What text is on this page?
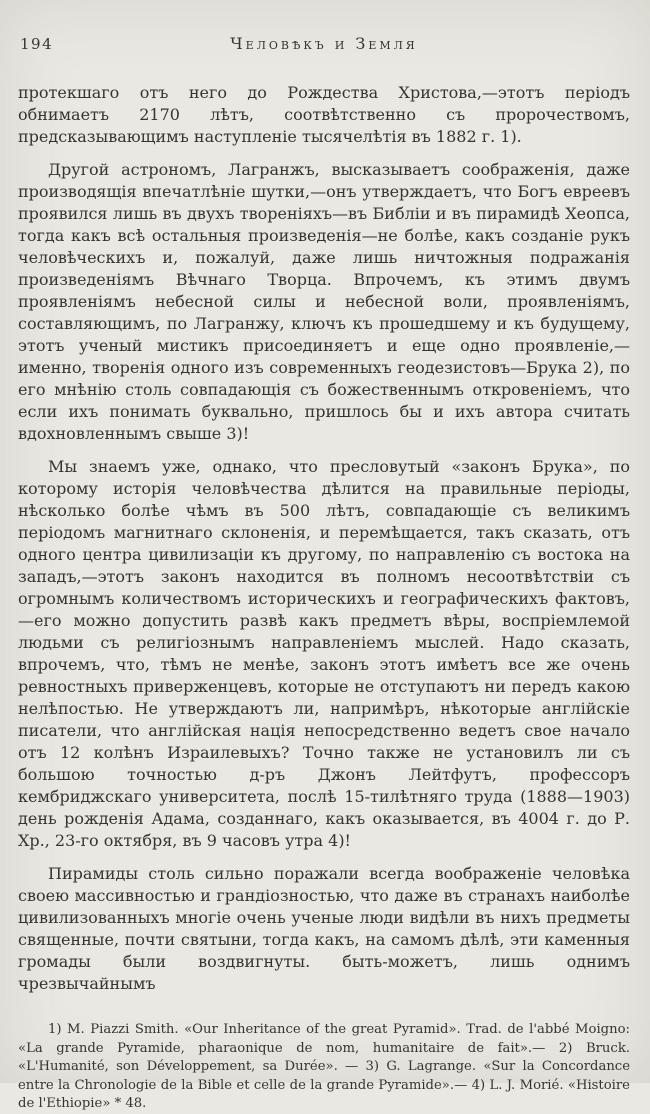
194	Человѣкъ и Земля

протекшаго отъ него до Рождества Христова,—этотъ періодъ обнимаетъ 2170 лѣтъ, соотвѣтственно съ пророчествомъ, предсказывающимъ наступленіе тысячелѣтія въ 1882 г. 1).

Другой астрономъ, Лагранжъ, высказываетъ соображенія, даже производящія впечатлѣніе шутки,—онъ утверждаетъ, что Богъ евреевъ проявился лишь въ двухъ твореніяхъ—въ Библіи и въ пирамидѣ Хеопса, тогда какъ всѣ остальныя произведенія—не болѣе, какъ созданіе рукъ человѣческихъ и, пожалуй, даже лишь ничтожныя подражанія произведеніямъ Вѣчнаго Творца. Впрочемъ, къ этимъ двумъ проявленіямъ небесной силы и небесной воли, проявленіямъ, составляющимъ, по Лагранжу, ключъ къ прошедшему и къ будущему, этотъ ученый мистикъ присоединяетъ и еще одно проявленіе,—именно, творенія одного изъ современныхъ геодезистовъ—Брука 2), по его мнѣнію столь совпадающія съ божественнымъ откровеніемъ, что если ихъ понимать буквально, пришлось бы и ихъ автора считать вдохновленнымъ свыше 3)!

Мы знаемъ уже, однако, что пресловутый «законъ Брука», по которому исторія человѣчества дѣлится на правильные періоды, нѣсколько болѣе чѣмъ въ 500 лѣтъ, совпадающіе съ великимъ періодомъ магнитнаго склоненія, и перемѣщается, такъ сказать, отъ одного центра цивилизаціи къ другому, по направленію съ востока на западъ,—этотъ законъ находится въ полномъ несоотвѣтствіи съ огромнымъ количествомъ историческихъ и географическихъ фактовъ,—его можно допустить развѣ какъ предметъ вѣры, воспріемлемой людьми съ религіознымъ направленіемъ мыслей. Надо сказать, впрочемъ, что, тѣмъ не менѣе, законъ этотъ имѣетъ все же очень ревностныхъ приверженцевъ, которые не отступаютъ ни передъ какою нелѣпостью. Не утверждаютъ ли, напримѣръ, нѣкоторые англійскіе писатели, что англійская нація непосредственно ведетъ свое начало отъ 12 колѣнъ Израилевыхъ? Точно также не установилъ ли съ большою точностью д-ръ Джонъ Лейтфутъ, профессоръ кембриджскаго университета, послѣ 15-тилѣтняго труда (1888—1903) день рожденія Адама, созданнаго, какъ оказывается, въ 4004 г. до Р. Хр., 23-го октября, въ 9 часовъ утра 4)!

Пирамиды столь сильно поражали всегда воображеніе человѣка своею массивностью и грандіозностью, что даже въ странахъ наиболѣе цивилизованныхъ многіе очень ученые люди видѣли въ нихъ предметы священные, почти святыни, тогда какъ, на самомъ дѣлѣ, эти каменныя громады были воздвигнуты. быть-можетъ, лишь однимъ чрезвычайнымъ

1) M. Piazzi Smith. «Our Inheritance of the great Pyramid». Trad. de l'abbé Moigno: «La grande Pyramide, pharaonique de nom, humanitaire de fait».— 2) Bruck. «L'Humanité, son Développement, sa Durée». — 3) G. Lagrange. «Sur la Concordance entre la Chronologie de la Bible et celle de la grande Pyramide».— 4) L. J. Morié. «Histoire de l'Ethiopie» * 48.
